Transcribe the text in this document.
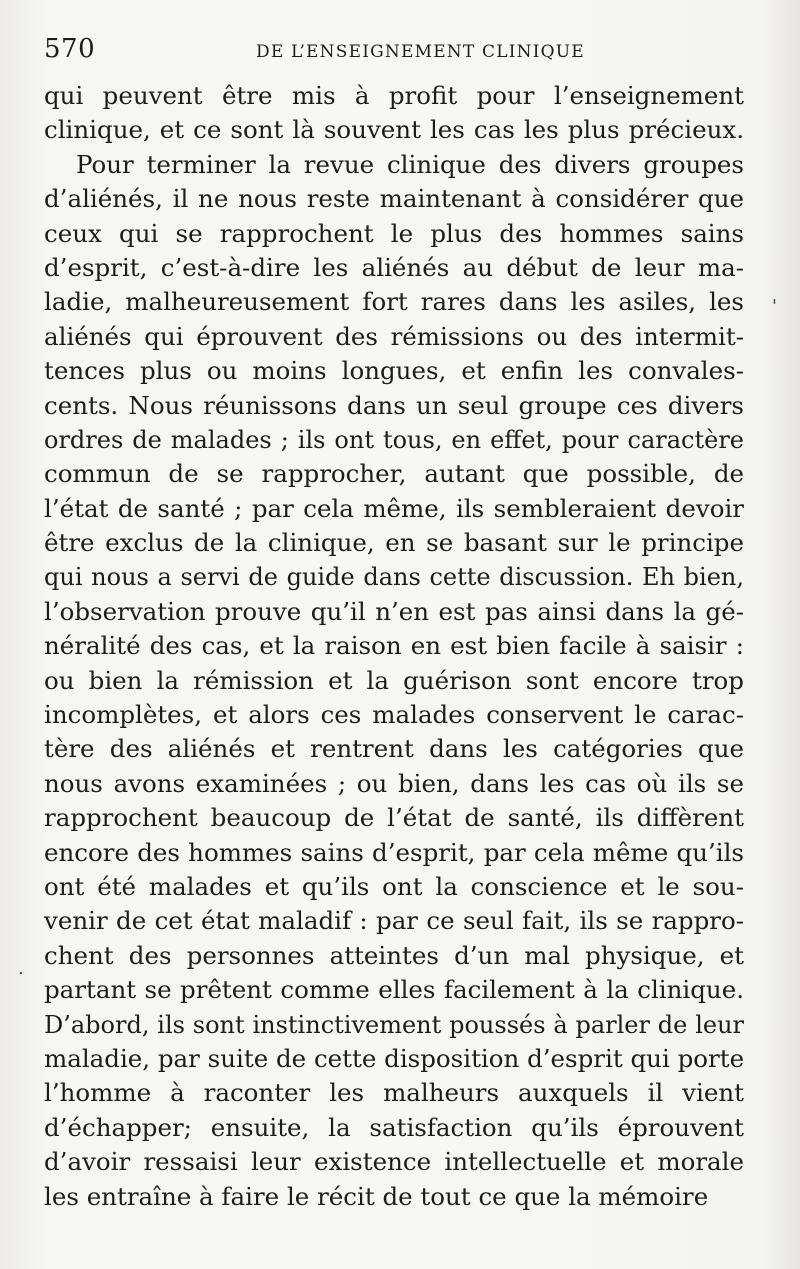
570	DE L’ENSEIGNEMENT CLINIQUE
qui peuvent être mis à profit pour l’enseignement
clinique, et ce sont là souvent les cas les plus précieux.
Pour terminer la revue clinique des divers groupes
d’aliénés, il ne nous reste maintenant à considérer que
ceux qui se rapprochent le plus des hommes sains
d’esprit, c’est-à-dire les aliénés au début de leur ma-
ladie, malheureusement fort rares dans les asiles, les
aliénés qui éprouvent des rémissions ou des intermit-
tences plus ou moins longues, et enfin les convales-
cents. Nous réunissons dans un seul groupe ces divers
ordres de malades ; ils ont tous, en effet, pour caractère
commun de se rapprocher, autant que possible, de
l’état de santé ; par cela même, ils sembleraient devoir
être exclus de la clinique, en se basant sur le principe
qui nous a servi de guide dans cette discussion. Eh bien,
l’observation prouve qu’il n’en est pas ainsi dans la gé-
néralité des cas, et la raison en est bien facile à saisir :
ou bien la rémission et la guérison sont encore trop
incomplètes, et alors ces malades conservent le carac-
tère des aliénés et rentrent dans les catégories que
nous avons examinées ; ou bien, dans les cas où ils se
rapprochent beaucoup de l’état de santé, ils diffèrent
encore des hommes sains d’esprit, par cela même qu’ils
ont été malades et qu’ils ont la conscience et le sou-
venir de cet état maladif : par ce seul fait, ils se rappro-
chent des personnes atteintes d’un mal physique, et
partant se prêtent comme elles facilement à la clinique.
D’abord, ils sont instinctivement poussés à parler de leur
maladie, par suite de cette disposition d’esprit qui porte
l’homme à raconter les malheurs auxquels il vient
d’échapper; ensuite, la satisfaction qu’ils éprouvent
d’avoir ressaisi leur existence intellectuelle et morale
les entraîne à faire le récit de tout ce que la mémoire
.
'
